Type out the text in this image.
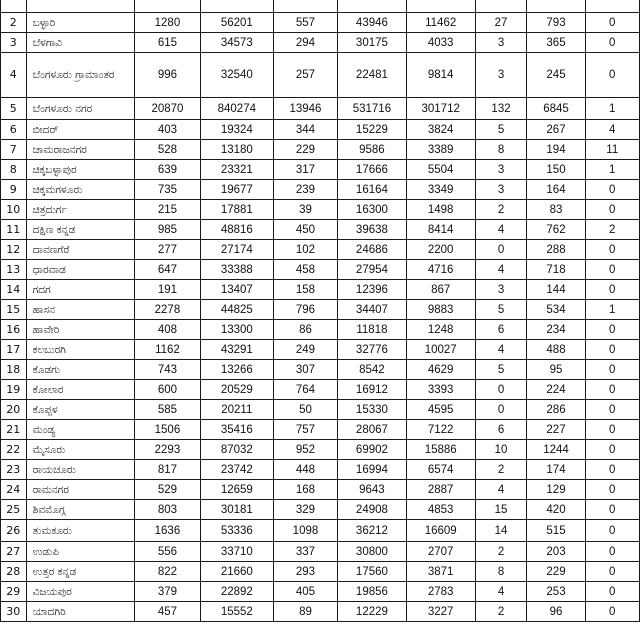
2	ಬಳ್ಳಾರಿ	1280	56201	557	43946	11462	27	793	0
3	ಬೆಳಗಾವಿ	615	34573	294	30175	4033	3	365	0
4	ಬೆಂಗಳೂರು ಗ್ರಾಮಾಂತರ	996	32540	257	22481	9814	3	245	0
5	ಬೆಂಗಳೂರು ನಗರ	20870	840274	13946	531716	301712	132	6845	1
6	ಬೀದರ್	403	19324	344	15229	3824	5	267	4
7	ಚಾಮರಾಜನಗರ	528	13180	229	9586	3389	8	194	11
8	ಚಿಕ್ಕಬಳ್ಳಾಪುರ	639	23321	317	17666	5504	3	150	1
9	ಚಿಕ್ಕಮಗಳೂರು	735	19677	239	16164	3349	3	164	0
10	ಚಿತ್ರದುರ್ಗ	215	17881	39	16300	1498	2	83	0
11	ದಕ್ಷಿಣ ಕನ್ನಡ	985	48816	450	39638	8414	4	762	2
12	ದಾವಣಗೆರೆ	277	27174	102	24686	2200	0	288	0
13	ಧಾರವಾಡ	647	33388	458	27954	4716	4	718	0
14	ಗದಗ	191	13407	158	12396	867	3	144	0
15	ಹಾಸನ	2278	44825	796	34407	9883	5	534	1
16	ಹಾವೇರಿ	408	13300	86	11818	1248	6	234	0
17	ಕಲಬುರಗಿ	1162	43291	249	32776	10027	4	488	0
18	ಕೊಡಗು	743	13266	307	8542	4629	5	95	0
19	ಕೋಲಾರ	600	20529	764	16912	3393	0	224	0
20	ಕೊಪ್ಪಳ	585	20211	50	15330	4595	0	286	0
21	ಮಂಡ್ಯ	1506	35416	757	28067	7122	6	227	0
22	ಮೈಸೂರು	2293	87032	952	69902	15886	10	1244	0
23	ರಾಯಚೂರು	817	23742	448	16994	6574	2	174	0
24	ರಾಮನಗರ	529	12659	168	9643	2887	4	129	0
25	ಶಿವಮೊಗ್ಗ	803	30181	329	24908	4853	15	420	0
26	ತುಮಕೂರು	1636	53336	1098	36212	16609	14	515	0
27	ಉಡುಪಿ	556	33710	337	30800	2707	2	203	0
28	ಉತ್ತರ ಕನ್ನಡ	822	21660	293	17560	3871	8	229	0
29	ವಿಜಯಪುರ	379	22892	405	19856	2783	4	253	0
30	ಯಾದಗಿರಿ	457	15552	89	12229	3227	2	96	0
